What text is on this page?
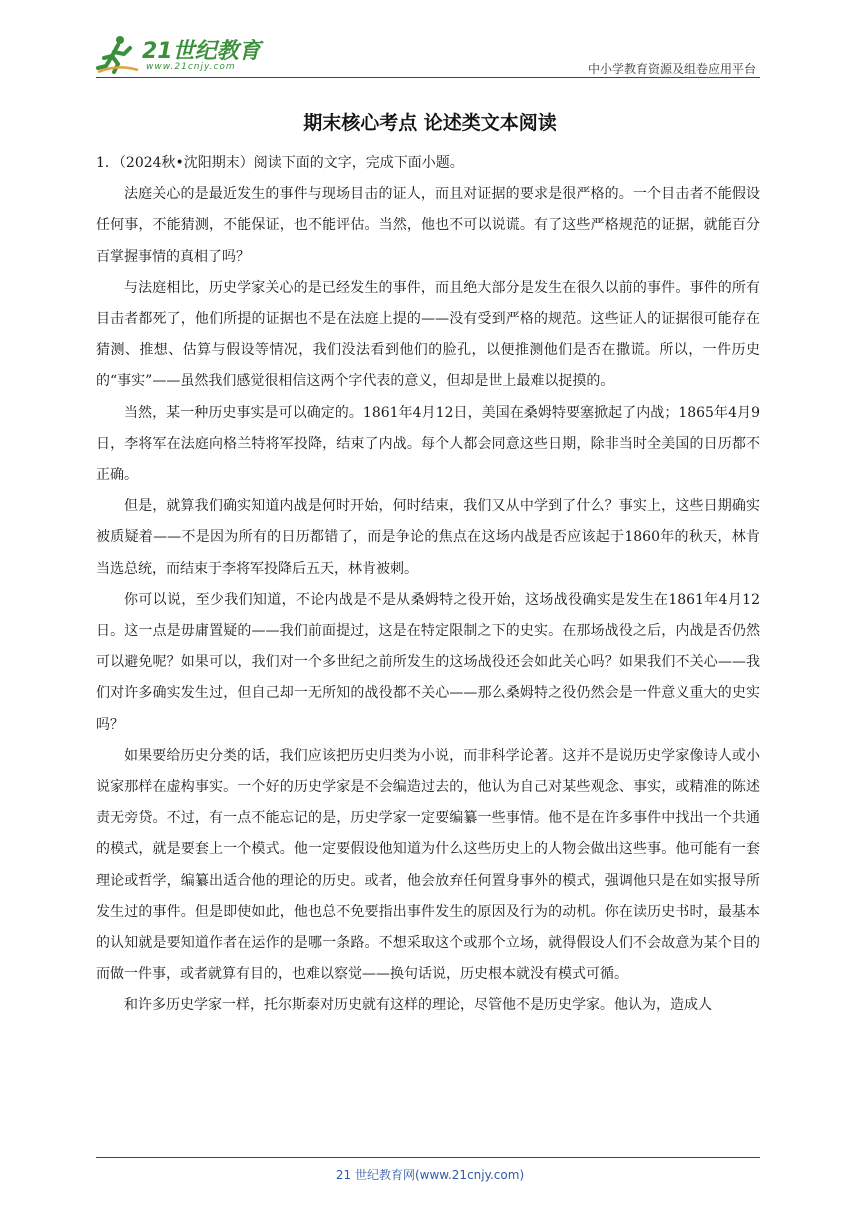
21世纪教育
www.21cnjy.com	中小学教育资源及组卷应用平台
期末核心考点 论述类文本阅读

1．（2024秋•沈阳期末）阅读下面的文字，完成下面小题。

法庭关心的是最近发生的事件与现场目击的证人，而且对证据的要求是很严格的。一个目击者不能假设任何事，不能猜测，不能保证，也不能评估。当然，他也不可以说谎。有了这些严格规范的证据，就能百分百掌握事情的真相了吗？

与法庭相比，历史学家关心的是已经发生的事件，而且绝大部分是发生在很久以前的事件。事件的所有目击者都死了，他们所提的证据也不是在法庭上提的——没有受到严格的规范。这些证人的证据很可能存在猜测、推想、估算与假设等情况，我们没法看到他们的脸孔，以便推测他们是否在撒谎。所以，一件历史的“事实”——虽然我们感觉很相信这两个字代表的意义，但却是世上最难以捉摸的。

当然，某一种历史事实是可以确定的。1861年4月12日，美国在桑姆特要塞掀起了内战；1865年4月9日，李将军在法庭向格兰特将军投降，结束了内战。每个人都会同意这些日期，除非当时全美国的日历都不正确。

但是，就算我们确实知道内战是何时开始，何时结束，我们又从中学到了什么？事实上，这些日期确实被质疑着——不是因为所有的日历都错了，而是争论的焦点在这场内战是否应该起于1860年的秋天，林肯当选总统，而结束于李将军投降后五天，林肯被刺。

你可以说，至少我们知道，不论内战是不是从桑姆特之役开始，这场战役确实是发生在1861年4月12日。这一点是毋庸置疑的——我们前面提过，这是在特定限制之下的史实。在那场战役之后，内战是否仍然可以避免呢？如果可以，我们对一个多世纪之前所发生的这场战役还会如此关心吗？如果我们不关心——我们对许多确实发生过，但自己却一无所知的战役都不关心——那么桑姆特之役仍然会是一件意义重大的史实吗？

如果要给历史分类的话，我们应该把历史归类为小说，而非科学论著。这并不是说历史学家像诗人或小说家那样在虚构事实。一个好的历史学家是不会编造过去的，他认为自己对某些观念、事实，或精准的陈述责无旁贷。不过，有一点不能忘记的是，历史学家一定要编纂一些事情。他不是在许多事件中找出一个共通的模式，就是要套上一个模式。他一定要假设他知道为什么这些历史上的人物会做出这些事。他可能有一套理论或哲学，编纂出适合他的理论的历史。或者，他会放弃任何置身事外的模式，强调他只是在如实报导所发生过的事件。但是即使如此，他也总不免要指出事件发生的原因及行为的动机。你在读历史书时，最基本的认知就是要知道作者在运作的是哪一条路。不想采取这个或那个立场，就得假设人们不会故意为某个目的而做一件事，或者就算有目的，也难以察觉——换句话说，历史根本就没有模式可循。

和许多历史学家一样，托尔斯泰对历史就有这样的理论，尽管他不是历史学家。他认为，造成人

21 世纪教育网(www.21cnjy.com)
